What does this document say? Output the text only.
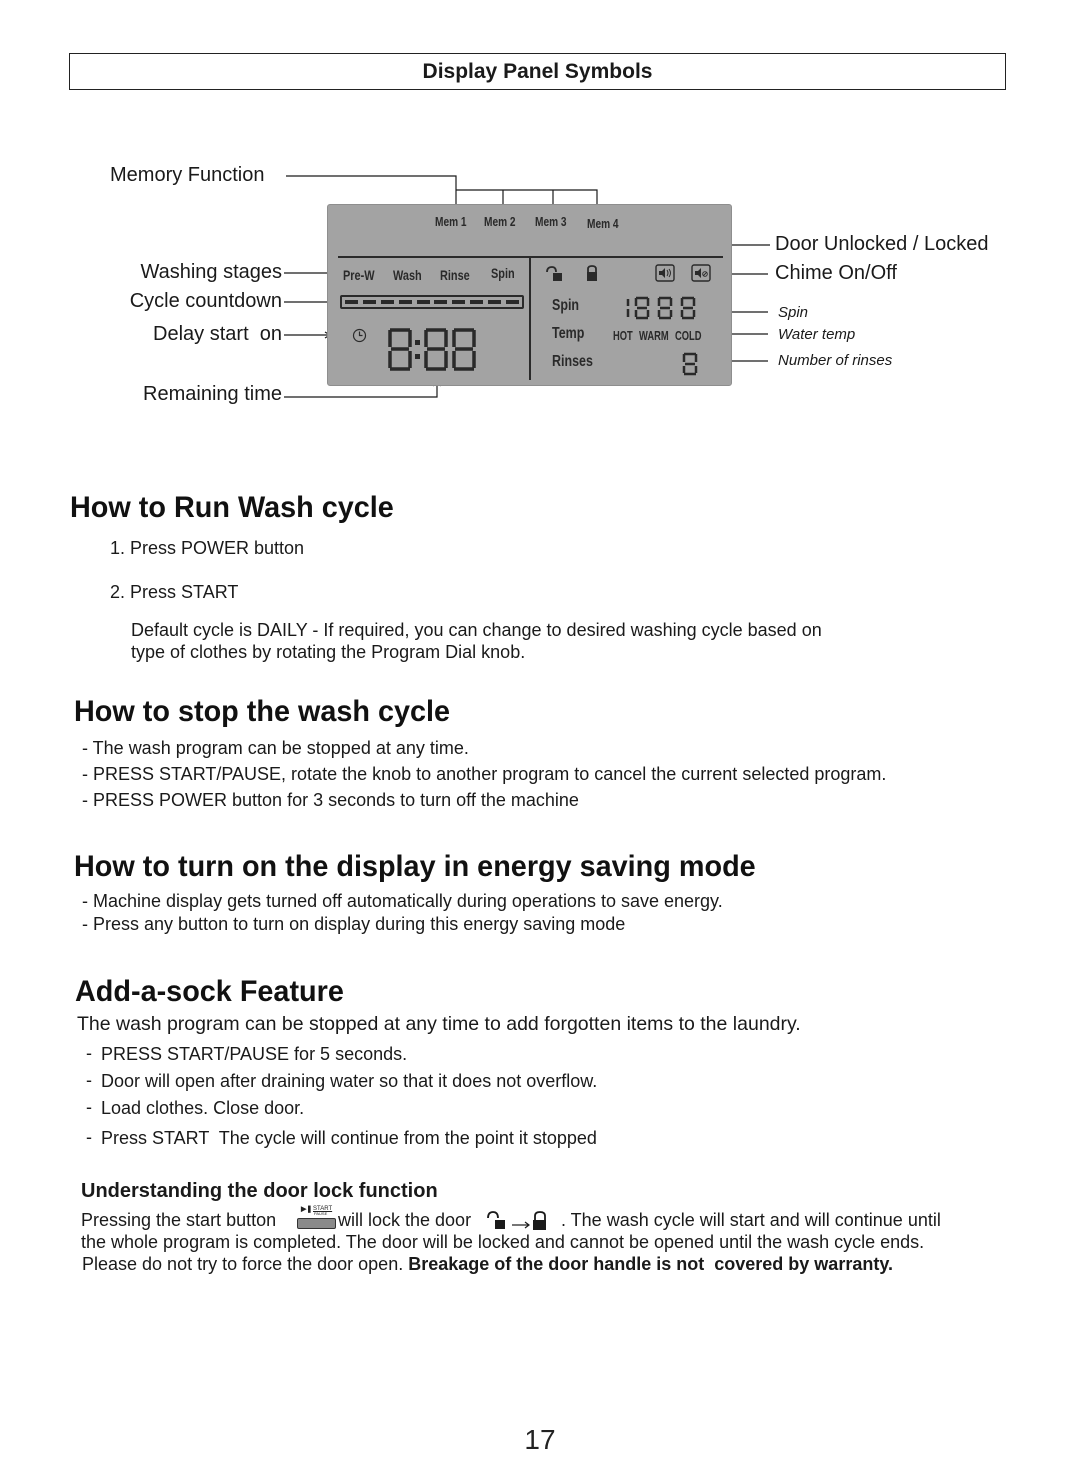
Display Panel Symbols
Memory Function
Washing stages
Cycle countdown
Delay start  on
Remaining time
Door Unlocked / Locked
Chime On/Off
Spin
Water temp
Number of rinses
Mem 1 Mem 2 Mem 3 Mem 4
Pre-W Wash Rinse Spin
Spin
Temp
Rinses
HOT WARM COLD
How to Run Wash cycle
1. Press POWER button
2. Press START
Default cycle is DAILY - If required, you can change to desired washing cycle based on
type of clothes by rotating the Program Dial knob.
How to stop the wash cycle
- The wash program can be stopped at any time.
- PRESS START/PAUSE, rotate the knob to another program to cancel the current selected program.
- PRESS POWER button for 3 seconds to turn off the machine
How to turn on the display in energy saving mode
- Machine display gets turned off automatically during operations to save energy.
- Press any button to turn on display during this energy saving mode
Add-a-sock Feature
The wash program can be stopped at any time to add forgotten items to the laundry.
- PRESS START/PAUSE for 5 seconds.
- Door will open after draining water so that it does not overflow.
- Load clothes. Close door.
- Press START  The cycle will continue from the point it stopped
Understanding the door lock function
Pressing the start button
▶❚ START
PAUSE will lock the door	. The wash cycle will start and will continue until
the whole program is completed. The door will be locked and cannot be opened until the wash cycle ends.
Please do not try to force the door open. Breakage of the door handle is not  covered by warranty.
17
